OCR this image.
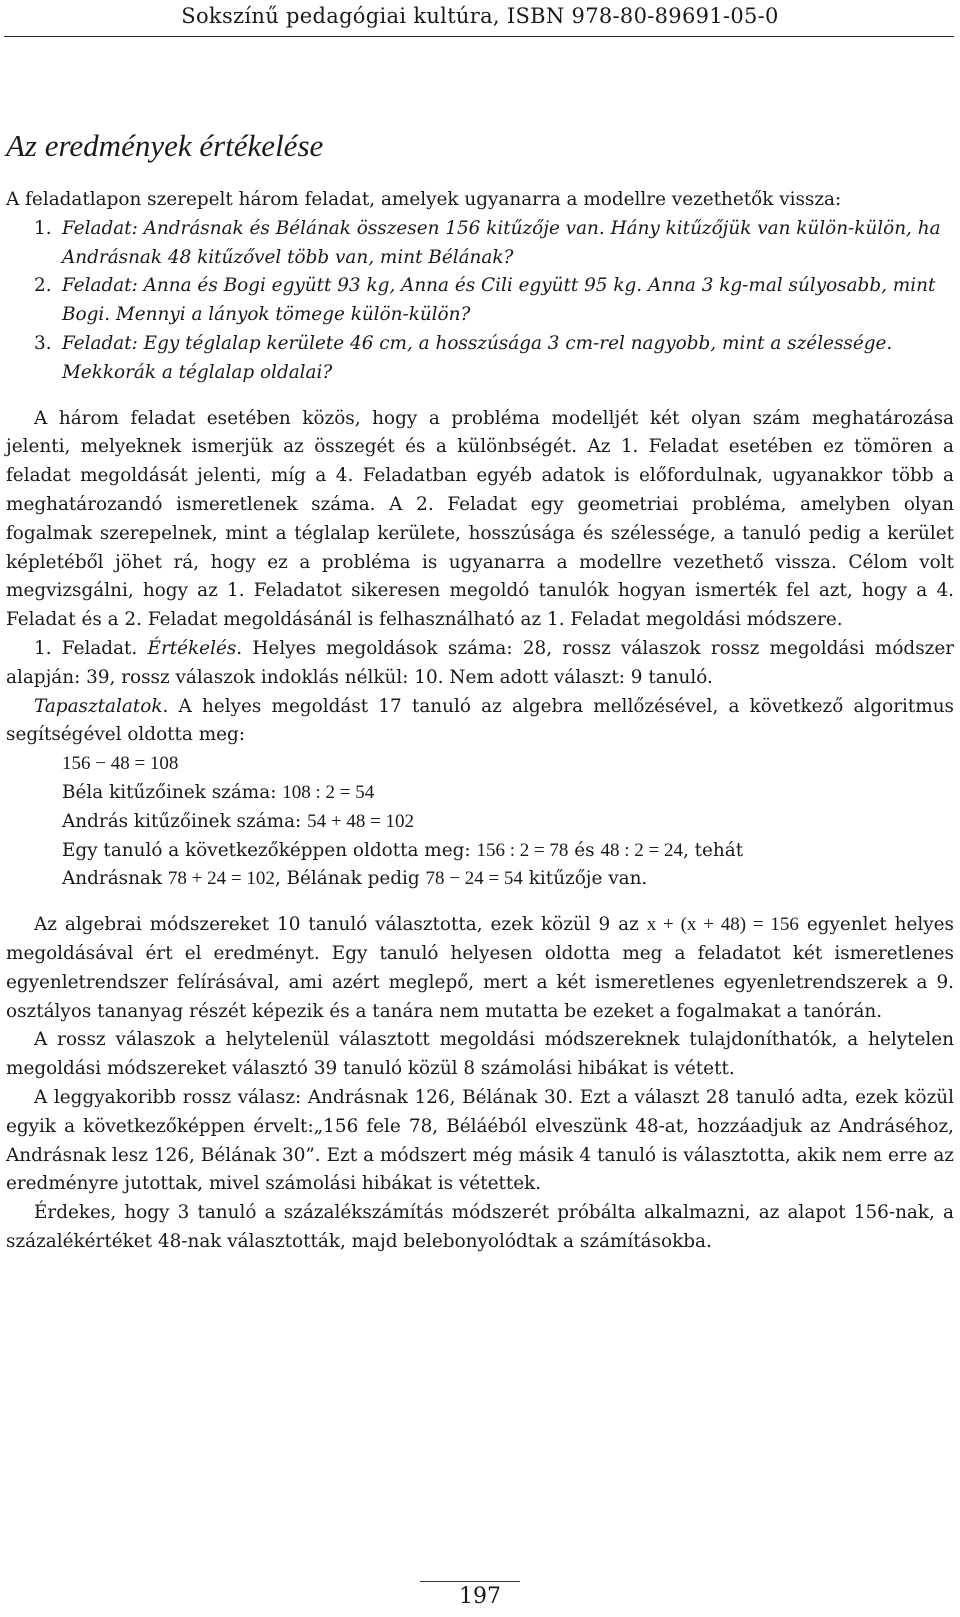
Sokszínű pedagógiai kultúra, ISBN 978-80-89691-05-0
Az eredmények értékelése

A feladatlapon szerepelt három feladat, amelyek ugyanarra a modellre vezethetők vissza:

1. Feladat: Andrásnak és Bélának összesen 156 kitűzője van. Hány kitűzőjük van külön-külön, ha Andrásnak 48 kitűzővel több van, mint Bélának?
2. Feladat: Anna és Bogi együtt 93 kg, Anna és Cili együtt 95 kg. Anna 3 kg-mal súlyosabb, mint Bogi. Mennyi a lányok tömege külön-külön?
3. Feladat: Egy téglalap kerülete 46 cm, a hosszúsága 3 cm-rel nagyobb, mint a szélessége. Mekkorák a téglalap oldalai?

A három feladat esetében közös, hogy a probléma modelljét két olyan szám meghatározása jelenti, melyeknek ismerjük az összegét és a különbségét. Az 1. Feladat esetében ez tömören a feladat megoldását jelenti, míg a 4. Feladatban egyéb adatok is előfordulnak, ugyanakkor több a meghatározandó ismeretlenek száma. A 2. Feladat egy geometriai probléma, amelyben olyan fogalmak szerepelnek, mint a téglalap kerülete, hosszúsága és szélessége, a tanuló pedig a kerület képletéből jöhet rá, hogy ez a probléma is ugyanarra a modellre vezethető vissza. Célom volt megvizsgálni, hogy az 1. Feladatot sikeresen megoldó tanulók hogyan ismerték fel azt, hogy a 4. Feladat és a 2. Feladat megoldásánál is felhasználható az 1. Feladat megoldási módszere.

1. Feladat. Értékelés. Helyes megoldások száma: 28, rossz válaszok rossz megoldási módszer alapján: 39, rossz válaszok indoklás nélkül: 10. Nem adott választ: 9 tanuló.

Tapasztalatok. A helyes megoldást 17 tanuló az algebra mellőzésével, a következő algoritmus segítségével oldotta meg:

156 − 48 = 108
Béla kitűzőinek száma: 108 : 2 = 54
András kitűzőinek száma: 54 + 48 = 102
Egy tanuló a következőképpen oldotta meg: 156 : 2 = 78 és 48 : 2 = 24, tehát
Andrásnak 78 + 24 = 102, Bélának pedig 78 − 24 = 54 kitűzője van.

Az algebrai módszereket 10 tanuló választotta, ezek közül 9 az x + (x + 48) = 156 egyenlet helyes megoldásával ért el eredményt. Egy tanuló helyesen oldotta meg a feladatot két ismeretlenes egyenletrendszer felírásával, ami azért meglepő, mert a két ismeretlenes egyenletrendszerek a 9. osztályos tananyag részét képezik és a tanára nem mutatta be ezeket a fogalmakat a tanórán.

A rossz válaszok a helytelenül választott megoldási módszereknek tulajdoníthatók, a helytelen megoldási módszereket választó 39 tanuló közül 8 számolási hibákat is vétett.

A leggyakoribb rossz válasz: Andrásnak 126, Bélának 30. Ezt a választ 28 tanuló adta, ezek közül egyik a következőképpen érvelt:„156 fele 78, Béláéból elveszünk 48-at, hozzáadjuk az Andráséhoz, Andrásnak lesz 126, Bélának 30”. Ezt a módszert még másik 4 tanuló is választotta, akik nem erre az eredményre jutottak, mivel számolási hibákat is vétettek.

Érdekes, hogy 3 tanuló a százalékszámítás módszerét próbálta alkalmazni, az alapot 156-nak, a százalékértéket 48-nak választották, majd belebonyolódtak a számításokba.

197
